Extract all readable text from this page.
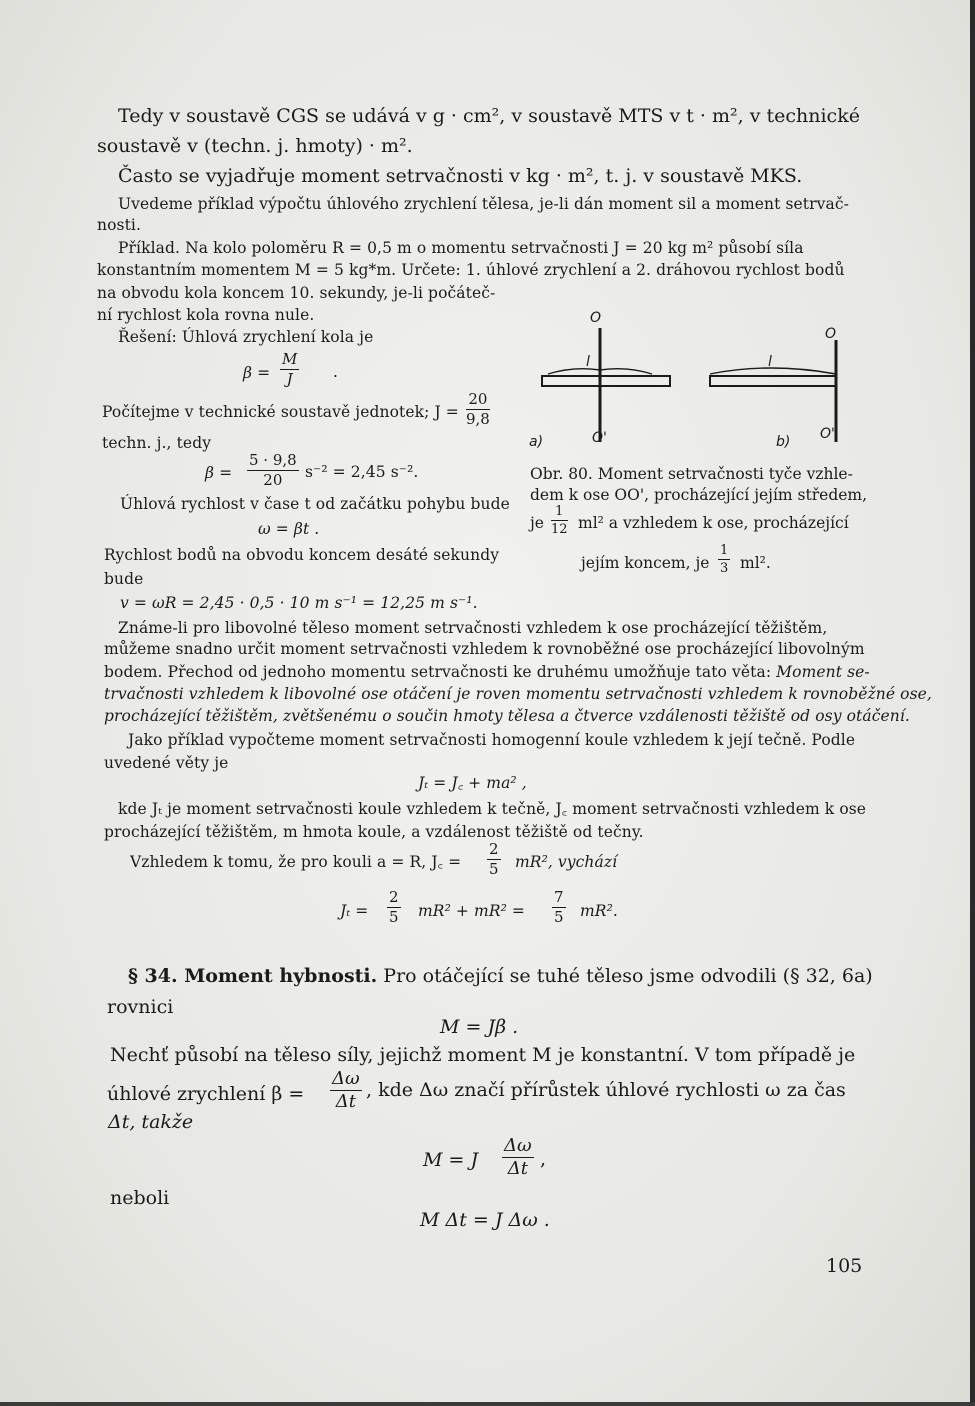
Tedy v soustavě CGS se udává v g · cm², v soustavě MTS v t · m², v technické
soustavě v (techn. j. hmoty) · m².
Často se vyjadřuje moment setrvačnosti v kg · m², t. j. v soustavě MKS.
Uvedeme příklad výpočtu úhlového zrychlení tělesa, je-li dán moment sil a moment setrvač-
nosti.
Příklad. Na kolo poloměru R = 0,5 m o momentu setrvačnosti J = 20 kg m² působí síla
konstantním momentem M = 5 kg*m. Určete: 1. úhlové zrychlení a 2. dráhovou rychlost bodů
na obvodu kola koncem 10. sekundy, je-li počáteč-
ní rychlost kola rovna nule.
Řešení: Úhlová zrychlení kola je
$\beta = \frac{M}{J}$ .
Počítejme v technické soustavě jednotek; $J = \frac{20}{9,8}$
techn. j., tedy
$\beta = \frac{5 \cdot 9,8}{20} s^{-2} = 2,45$ s⁻².
Úhlová rychlost v čase t od začátku pohybu bude
ω = βt .
Rychlost bodů na obvodu koncem desáté sekundy
bude
v = ωR = 2,45 · 0,5 · 10 m s⁻¹ = 12,25 m s⁻¹.
O
l
a)	O'
O
l
b) O'
Obr. 80. Moment setrvačnosti tyče vzhle-
dem k ose OO', procházející jejím středem,
je $\frac{1}{12} ml^2$ a vzhledem k ose, procházející
jejím koncem, je $\frac{1}{3} ml^2$.
Známe-li pro libovolné těleso moment setrvačnosti vzhledem k ose procházející těžištěm,
můžeme snadno určit moment setrvačnosti vzhledem k rovnoběžné ose procházející libovolným
bodem. Přechod od jednoho momentu setrvačnosti ke druhému umožňuje tato věta: Moment se-
trvačnosti vzhledem k libovolné ose otáčení je roven momentu setrvačnosti vzhledem k rovnoběžné ose,
procházející těžištěm, zvětšenému o součin hmoty tělesa a čtverce vzdálenosti těžiště od osy otáčení.
Jako příklad vypočteme moment setrvačnosti homogenní koule vzhledem k její tečně. Podle
uvedené věty je
Jₜ = J꜀ + ma² ,
kde Jₜ je moment setrvačnosti koule vzhledem k tečně, J꜀ moment setrvačnosti vzhledem k ose
procházející těžištěm, m hmota koule, a vzdálenost těžiště od tečny.
Vzhledem k tomu, že pro kouli a = R, J꜀ = $\frac{2}{5} mR^2$, vychází
$J_t = \frac{2}{5} mR^2 + mR^2 = \frac{7}{5} mR^2$.
§ 34. Moment hybnosti. Pro otáčející se tuhé těleso jsme odvodili (§ 32, 6a)
rovnici
M = Jβ .
Nechť působí na těleso síly, jejichž moment M je konstantní. V tom případě je
úhlové zrychlení $\beta = \frac{\Delta\omega}{\Delta t}$ , kde Δω značí přírůstek úhlové rychlosti ω za čas
Δt, takže
M = J $\frac{\Delta\omega}{\Delta t}$ ,
neboli
M Δt = J Δω .
105
